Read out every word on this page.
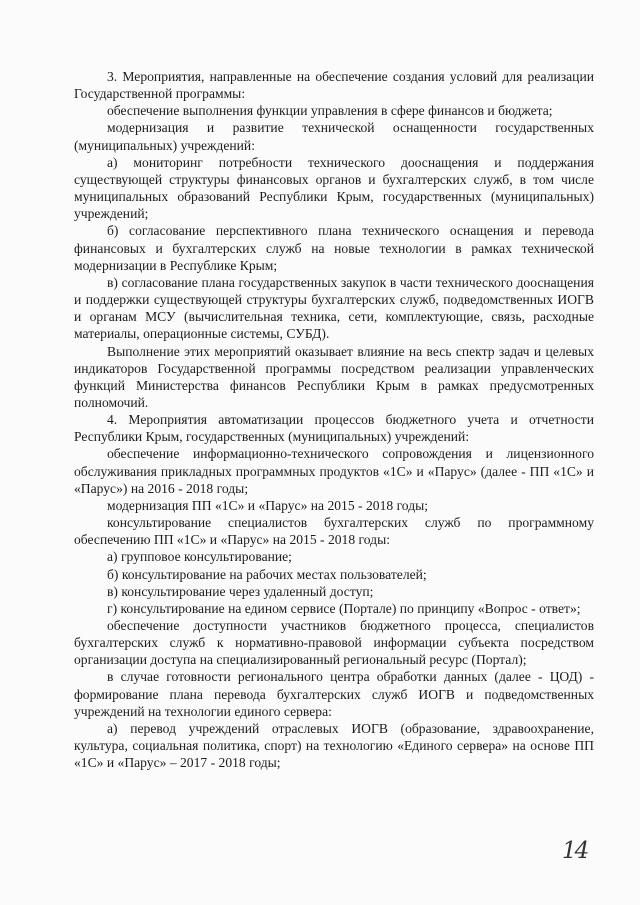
3. Мероприятия, направленные на обеспечение создания условий для реализации Государственной программы:

обеспечение выполнения функции управления в сфере финансов и бюджета;

модернизация и развитие технической оснащенности государственных (муниципальных) учреждений:

а) мониторинг потребности технического дооснащения и поддержания существующей структуры финансовых органов и бухгалтерских служб, в том числе муниципальных образований Республики Крым, государственных (муниципальных) учреждений;

б) согласование перспективного плана технического оснащения и перевода финансовых и бухгалтерских служб на новые технологии в рамках технической модернизации в Республике Крым;

в) согласование плана государственных закупок в части технического дооснащения и поддержки существующей структуры бухгалтерских служб, подведомственных ИОГВ и органам МСУ (вычислительная техника, сети, комплектующие, связь, расходные материалы, операционные системы, СУБД).

Выполнение этих мероприятий оказывает влияние на весь спектр задач и целевых индикаторов Государственной программы посредством реализации управленческих функций Министерства финансов Республики Крым в рамках предусмотренных полномочий.

4. Мероприятия автоматизации процессов бюджетного учета и отчетности Республики Крым, государственных (муниципальных) учреждений:

обеспечение информационно-технического сопровождения и лицензионного обслуживания прикладных программных продуктов «1С» и «Парус» (далее - ПП «1С» и «Парус») на 2016 - 2018 годы;

модернизация ПП «1С» и «Парус» на 2015 - 2018 годы;

консультирование специалистов бухгалтерских служб по программному обеспечению ПП «1С» и «Парус» на 2015 - 2018 годы:

а) групповое консультирование;

б) консультирование на рабочих местах пользователей;

в) консультирование через удаленный доступ;

г) консультирование на едином сервисе (Портале) по принципу «Вопрос - ответ»;

обеспечение доступности участников бюджетного процесса, специалистов бухгалтерских служб к нормативно-правовой информации субъекта посредством организации доступа на специализированный региональный ресурс (Портал);

в случае готовности регионального центра обработки данных (далее - ЦОД) - формирование плана перевода бухгалтерских служб ИОГВ и подведомственных учреждений на технологии единого сервера:

а) перевод учреждений отраслевых ИОГВ (образование, здравоохранение, культура, социальная политика, спорт) на технологию «Единого сервера» на основе ПП «1С» и «Парус» – 2017 - 2018 годы;

14
